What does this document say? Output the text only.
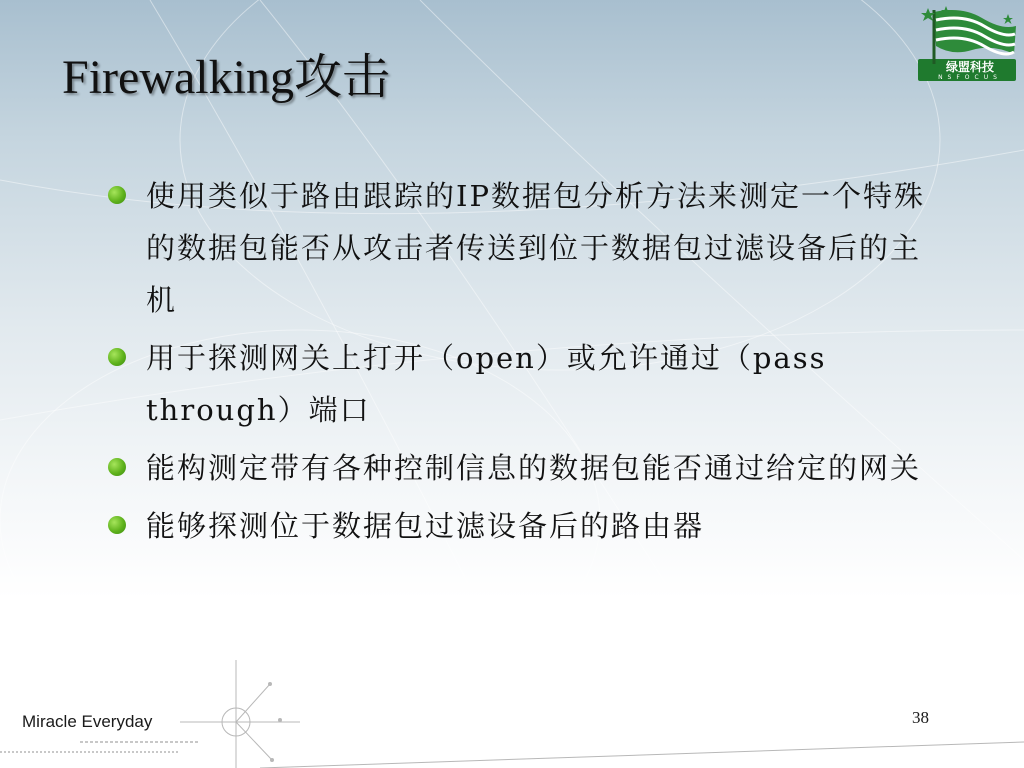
绿盟科技
NSFOCUS
Firewalking攻击
使用类似于路由跟踪的IP数据包分析方法来测定一个特殊的数据包能否从攻击者传送到位于数据包过滤设备后的主机
用于探测网关上打开（open）或允许通过（pass through）端口
能构测定带有各种控制信息的数据包能否通过给定的网关
能够探测位于数据包过滤设备后的路由器
Miracle Everyday	38
